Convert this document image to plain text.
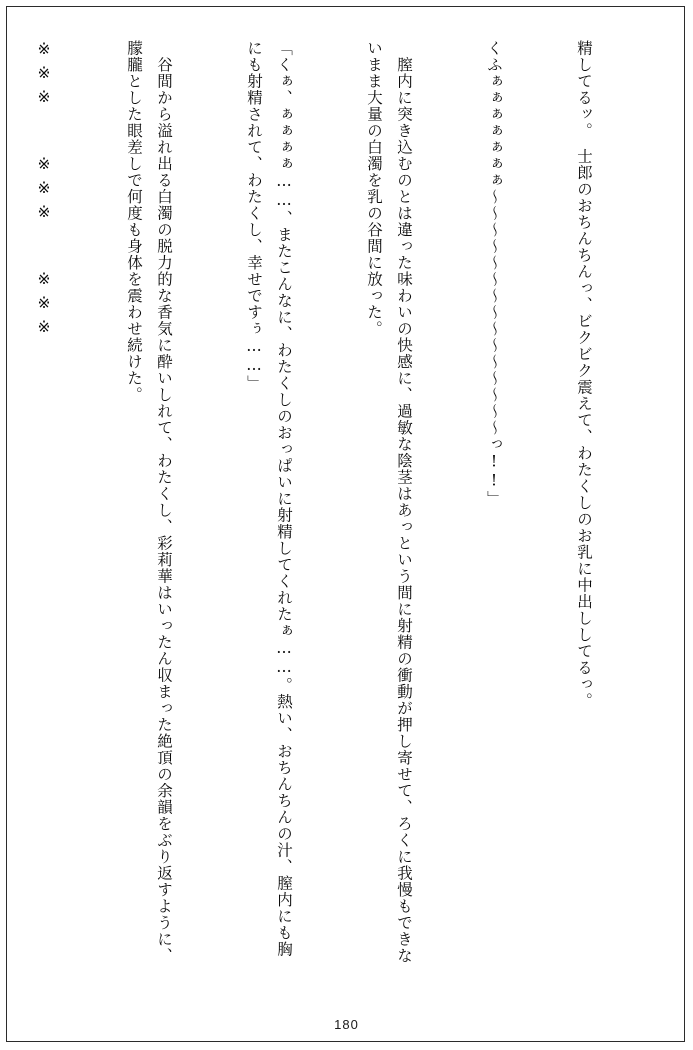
精してるッ。　士郎のおちんちんっ、ビクビク震えて、わたくしのお乳に中出ししてるっ。

くふぁぁぁぁぁぁぁ～～～～～～～～～～～～～～～っ!!」

　膣内に突き込むのとは違った味わいの快感に、過敏な陰茎はあっという間に射精の衝動が押し寄せて、ろくに我慢もできないまま大量の白濁を乳の谷間に放った。

「くぁ、ぁぁぁぁ……、またこんなに、わたくしのおっぱいに射精してくれたぁ……。熱い、おちんちんの汁、膣内にも胸にも射精されて、わたくし、幸せですぅ……」

　谷間から溢れ出る白濁の脱力的な香気に酔いしれて、わたくし、彩莉華はいったん収まった絶頂の余韻をぶり返すように、朦朧とした眼差しで何度も身体を震わせ続けた。

※※※　　※※※　　※※※

180
